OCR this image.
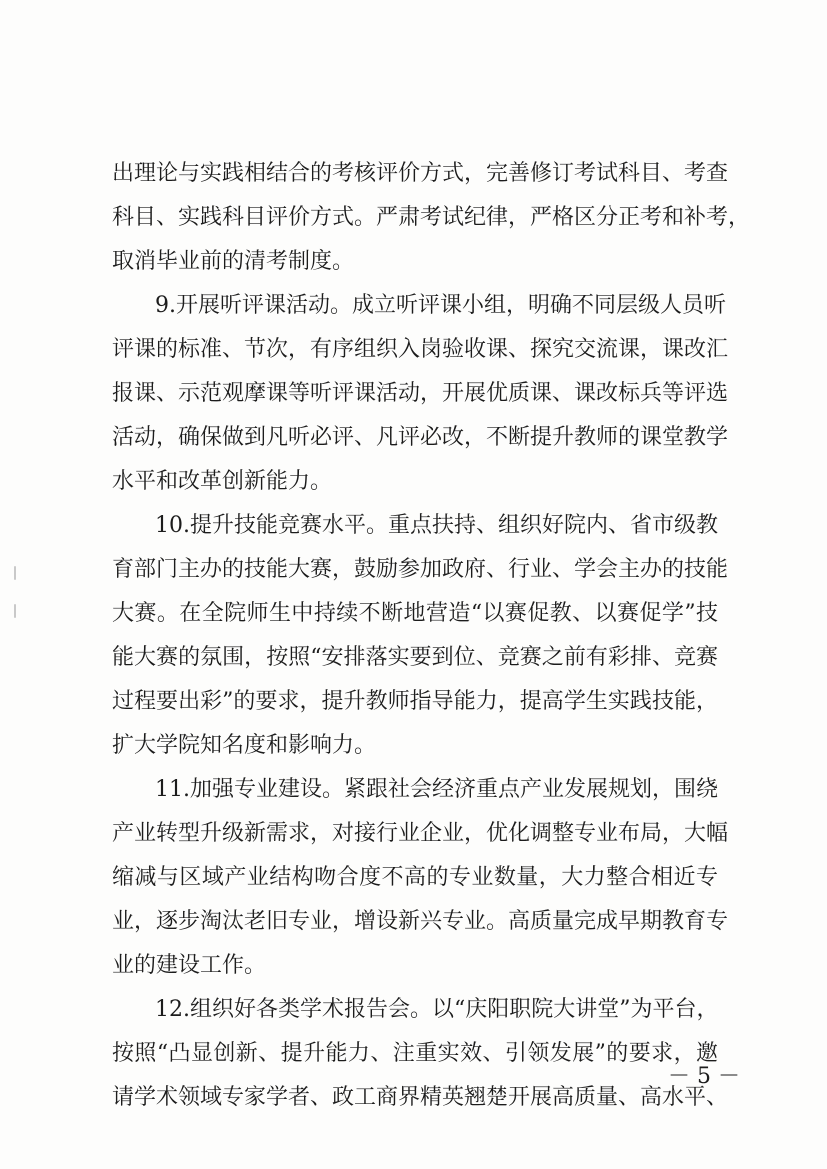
出理论与实践相结合的考核评价方式，完善修订考试科目、考查
科目、实践科目评价方式。严肃考试纪律，严格区分正考和补考，
取消毕业前的清考制度。
9.开展听评课活动。成立听评课小组，明确不同层级人员听
评课的标准、节次，有序组织入岗验收课、探究交流课，课改汇
报课、示范观摩课等听评课活动，开展优质课、课改标兵等评选
活动，确保做到凡听必评、凡评必改，不断提升教师的课堂教学
水平和改革创新能力。
10.提升技能竞赛水平。重点扶持、组织好院内、省市级教
育部门主办的技能大赛，鼓励参加政府、行业、学会主办的技能
大赛。在全院师生中持续不断地营造“以赛促教、以赛促学”技
能大赛的氛围，按照“安排落实要到位、竞赛之前有彩排、竞赛
过程要出彩”的要求，提升教师指导能力，提高学生实践技能，
扩大学院知名度和影响力。
11.加强专业建设。紧跟社会经济重点产业发展规划，围绕
产业转型升级新需求，对接行业企业，优化调整专业布局，大幅
缩减与区域产业结构吻合度不高的专业数量，大力整合相近专
业，逐步淘汰老旧专业，增设新兴专业。高质量完成早期教育专
业的建设工作。
12.组织好各类学术报告会。以“庆阳职院大讲堂”为平台，
按照“凸显创新、提升能力、注重实效、引领发展”的要求，邀
请学术领域专家学者、政工商界精英翘楚开展高质量、高水平、
－ 5 －
